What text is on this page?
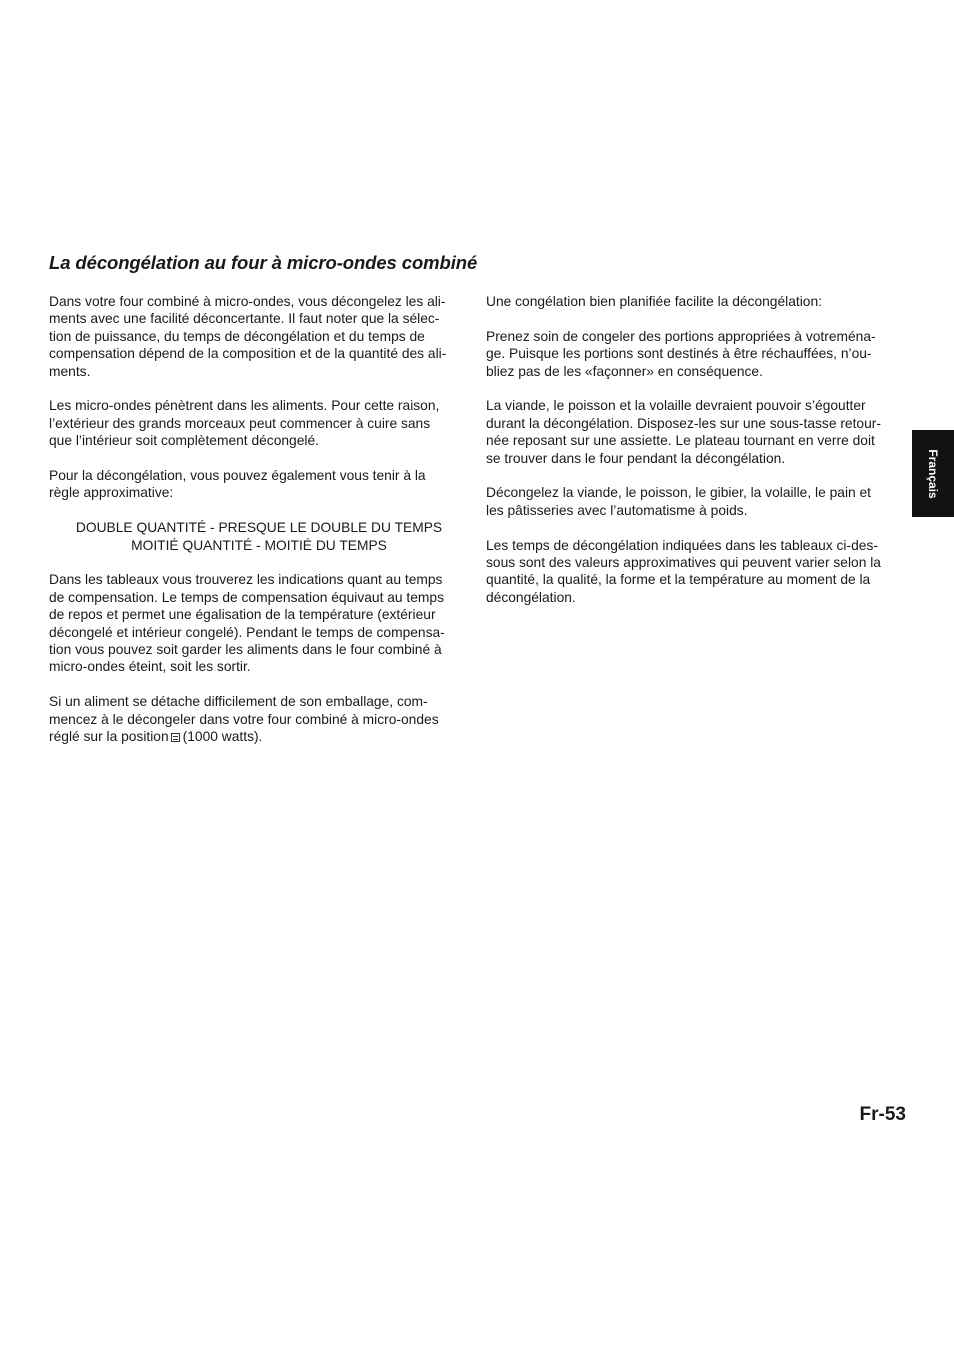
La décongélation au four à micro-ondes combiné

Dans votre four combiné à micro-ondes, vous décongelez les ali-
ments avec une facilité déconcertante. Il faut noter que la sélec-
tion de puissance, du temps de décongélation et du temps de
compensation dépend de la composition et de la quantité des ali-
ments.

Les micro-ondes pénètrent dans les aliments. Pour cette raison,
l’extérieur des grands morceaux peut commencer à cuire sans
que l’intérieur soit complètement décongelé.

Pour la décongélation, vous pouvez également vous tenir à la
règle approximative:

DOUBLE QUANTITÉ - PRESQUE LE DOUBLE DU TEMPS
MOITIÉ QUANTITÉ - MOITIÉ DU TEMPS

Dans les tableaux vous trouverez les indications quant au temps
de compensation. Le temps de compensation équivaut au temps
de repos et permet une égalisation de la température (extérieur
décongelé et intérieur congelé). Pendant le temps de compensa-
tion vous pouvez soit garder les aliments dans le four combiné à
micro-ondes éteint, soit les sortir.

Si un aliment se détache difficilement de son emballage, com-
mencez à le décongeler dans votre four combiné à micro-ondes
réglé sur la position (1000 watts).

Une congélation bien planifiée facilite la décongélation:

Prenez soin de congeler des portions appropriées à votreména-
ge. Puisque les portions sont destinés à être réchauffées, n’ou-
bliez pas de les «façonner» en conséquence.

La viande, le poisson et la volaille devraient pouvoir s’égoutter
durant la décongélation. Disposez-les sur une sous-tasse retour-
née reposant sur une assiette. Le plateau tournant en verre doit
se trouver dans le four pendant la décongélation.

Décongelez la viande, le poisson, le gibier, la volaille, le pain et
les pâtisseries avec l’automatisme à poids.

Les temps de décongélation indiquées dans les tableaux ci-des-
sous sont des valeurs approximatives qui peuvent varier selon la
quantité, la qualité, la forme et la température au moment de la
décongélation.

Français
Fr-53
